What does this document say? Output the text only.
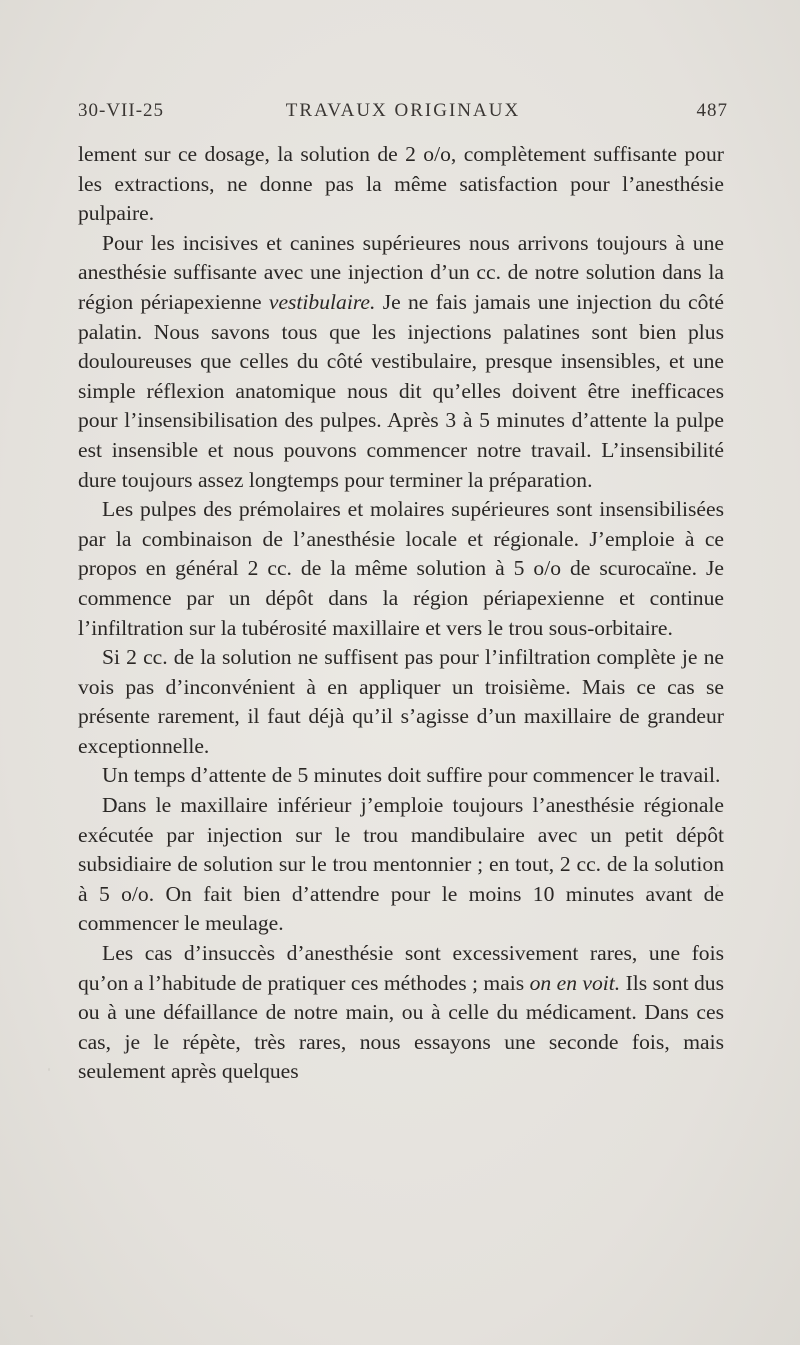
30-VII-25	TRAVAUX ORIGINAUX	487

lement sur ce dosage, la solution de 2 o/o, complètement suffisante pour les extractions, ne donne pas la même satisfaction pour l’anesthésie pulpaire.

Pour les incisives et canines supérieures nous arrivons toujours à une anesthésie suffisante avec une injection d’un cc. de notre solution dans la région périapexienne vestibulaire. Je ne fais jamais une injection du côté palatin. Nous savons tous que les injections palatines sont bien plus douloureuses que celles du côté vestibulaire, presque insensibles, et une simple réflexion anatomique nous dit qu’elles doivent être inefficaces pour l’insensibilisation des pulpes. Après 3 à 5 minutes d’attente la pulpe est insensible et nous pouvons commencer notre travail. L’insensibilité dure toujours assez longtemps pour terminer la préparation.

Les pulpes des prémolaires et molaires supérieures sont insensibilisées par la combinaison de l’anesthésie locale et régionale. J’emploie à ce propos en général 2 cc. de la même solution à 5 o/o de scurocaïne. Je commence par un dépôt dans la région périapexienne et continue l’infiltration sur la tubérosité maxillaire et vers le trou sous-orbitaire.

Si 2 cc. de la solution ne suffisent pas pour l’infiltration complète je ne vois pas d’inconvénient à en appliquer un troisième. Mais ce cas se présente rarement, il faut déjà qu’il s’agisse d’un maxillaire de grandeur exceptionnelle.

Un temps d’attente de 5 minutes doit suffire pour commencer le travail.

Dans le maxillaire inférieur j’emploie toujours l’anesthésie régionale exécutée par injection sur le trou mandibulaire avec un petit dépôt subsidiaire de solution sur le trou mentonnier ; en tout, 2 cc. de la solution à 5 o/o. On fait bien d’attendre pour le moins 10 minutes avant de commencer le meulage.

Les cas d’insuccès d’anesthésie sont excessivement rares, une fois qu’on a l’habitude de pratiquer ces méthodes ; mais on en voit. Ils sont dus ou à une défaillance de notre main, ou à celle du médicament. Dans ces cas, je le répète, très rares, nous essayons une seconde fois, mais seulement après quelques
